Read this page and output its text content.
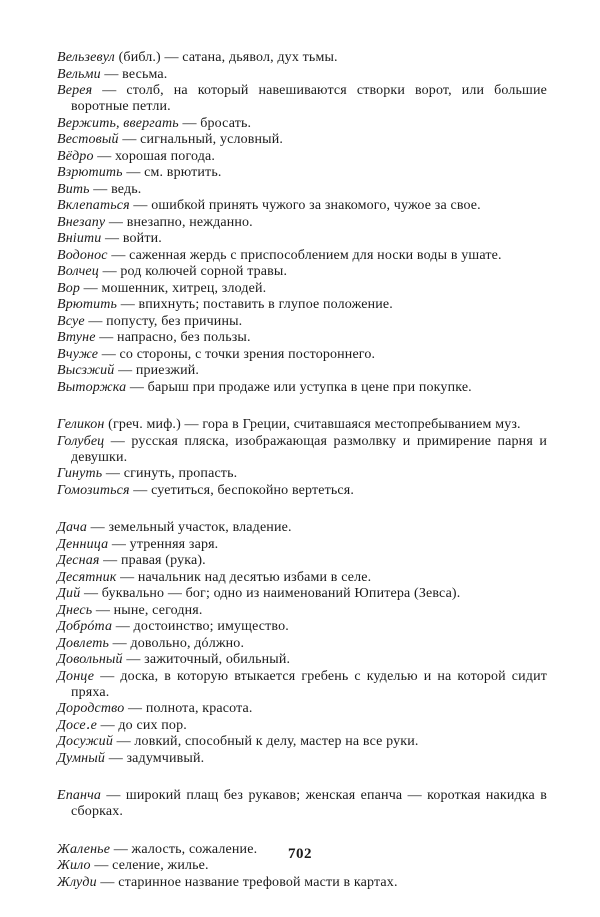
Вельзевул (библ.) — сатана, дьявол, дух тьмы.
Вельми — весьма.
Верея — столб, на который навешиваются створки ворот, или большие воротные петли.
Вержить, ввергать — бросать.
Вестовый — сигнальный, условный.
Вёдро — хорошая погода.
Взрютить — см. врютить.
Вить — ведь.
Вклепаться — ошибкой принять чужого за знакомого, чужое за свое.
Внезапу — внезапно, нежданно.
Вніити — войти.
Водонос — саженная жердь с приспособлением для носки воды в ушате.
Волчец — род колючей сорной травы.
Вор — мошенник, хитрец, злодей.
Врютить — впихнуть; поставить в глупое положение.
Всуе — попусту, без причины.
Втуне — напрасно, без пользы.
Вчуже — со стороны, с точки зрения постороннего.
Высзжий — приезжий.
Выторжка — барыш при продаже или уступка в цене при покупке.
Геликон (греч. миф.) — гора в Греции, считавшаяся местопребыванием муз.
Голубец — русская пляска, изображающая размолвку и примирение парня и девушки.
Гинуть — сгинуть, пропасть.
Гомозиться — суетиться, беспокойно вертеться.
Дача — земельный участок, владение.
Денница — утренняя заря.
Десная — правая (рука).
Десятник — начальник над десятью избами в селе.
Дий — буквально — бог; одно из наименований Юпитера (Зевса).
Днесь — ныне, сегодня.
Добрóта — достоинство; имущество.
Довлеть — довольно, дóлжно.
Довольный — зажиточный, обильный.
Донце — доска, в которую втыкается гребень с куделью и на которой сидит пряха.
Дородство — полнота, красота.
Досе․е — до сих пор.
Досужий — ловкий, способный к делу, мастер на все руки.
Думный — задумчивый.
Епанча — широкий плащ без рукавов; женская епанча — короткая накидка в сборках.
Жаленье — жалость, сожаление.
Жило — селение, жилье.
Жлуди — старинное название трефовой масти в картах.
702
